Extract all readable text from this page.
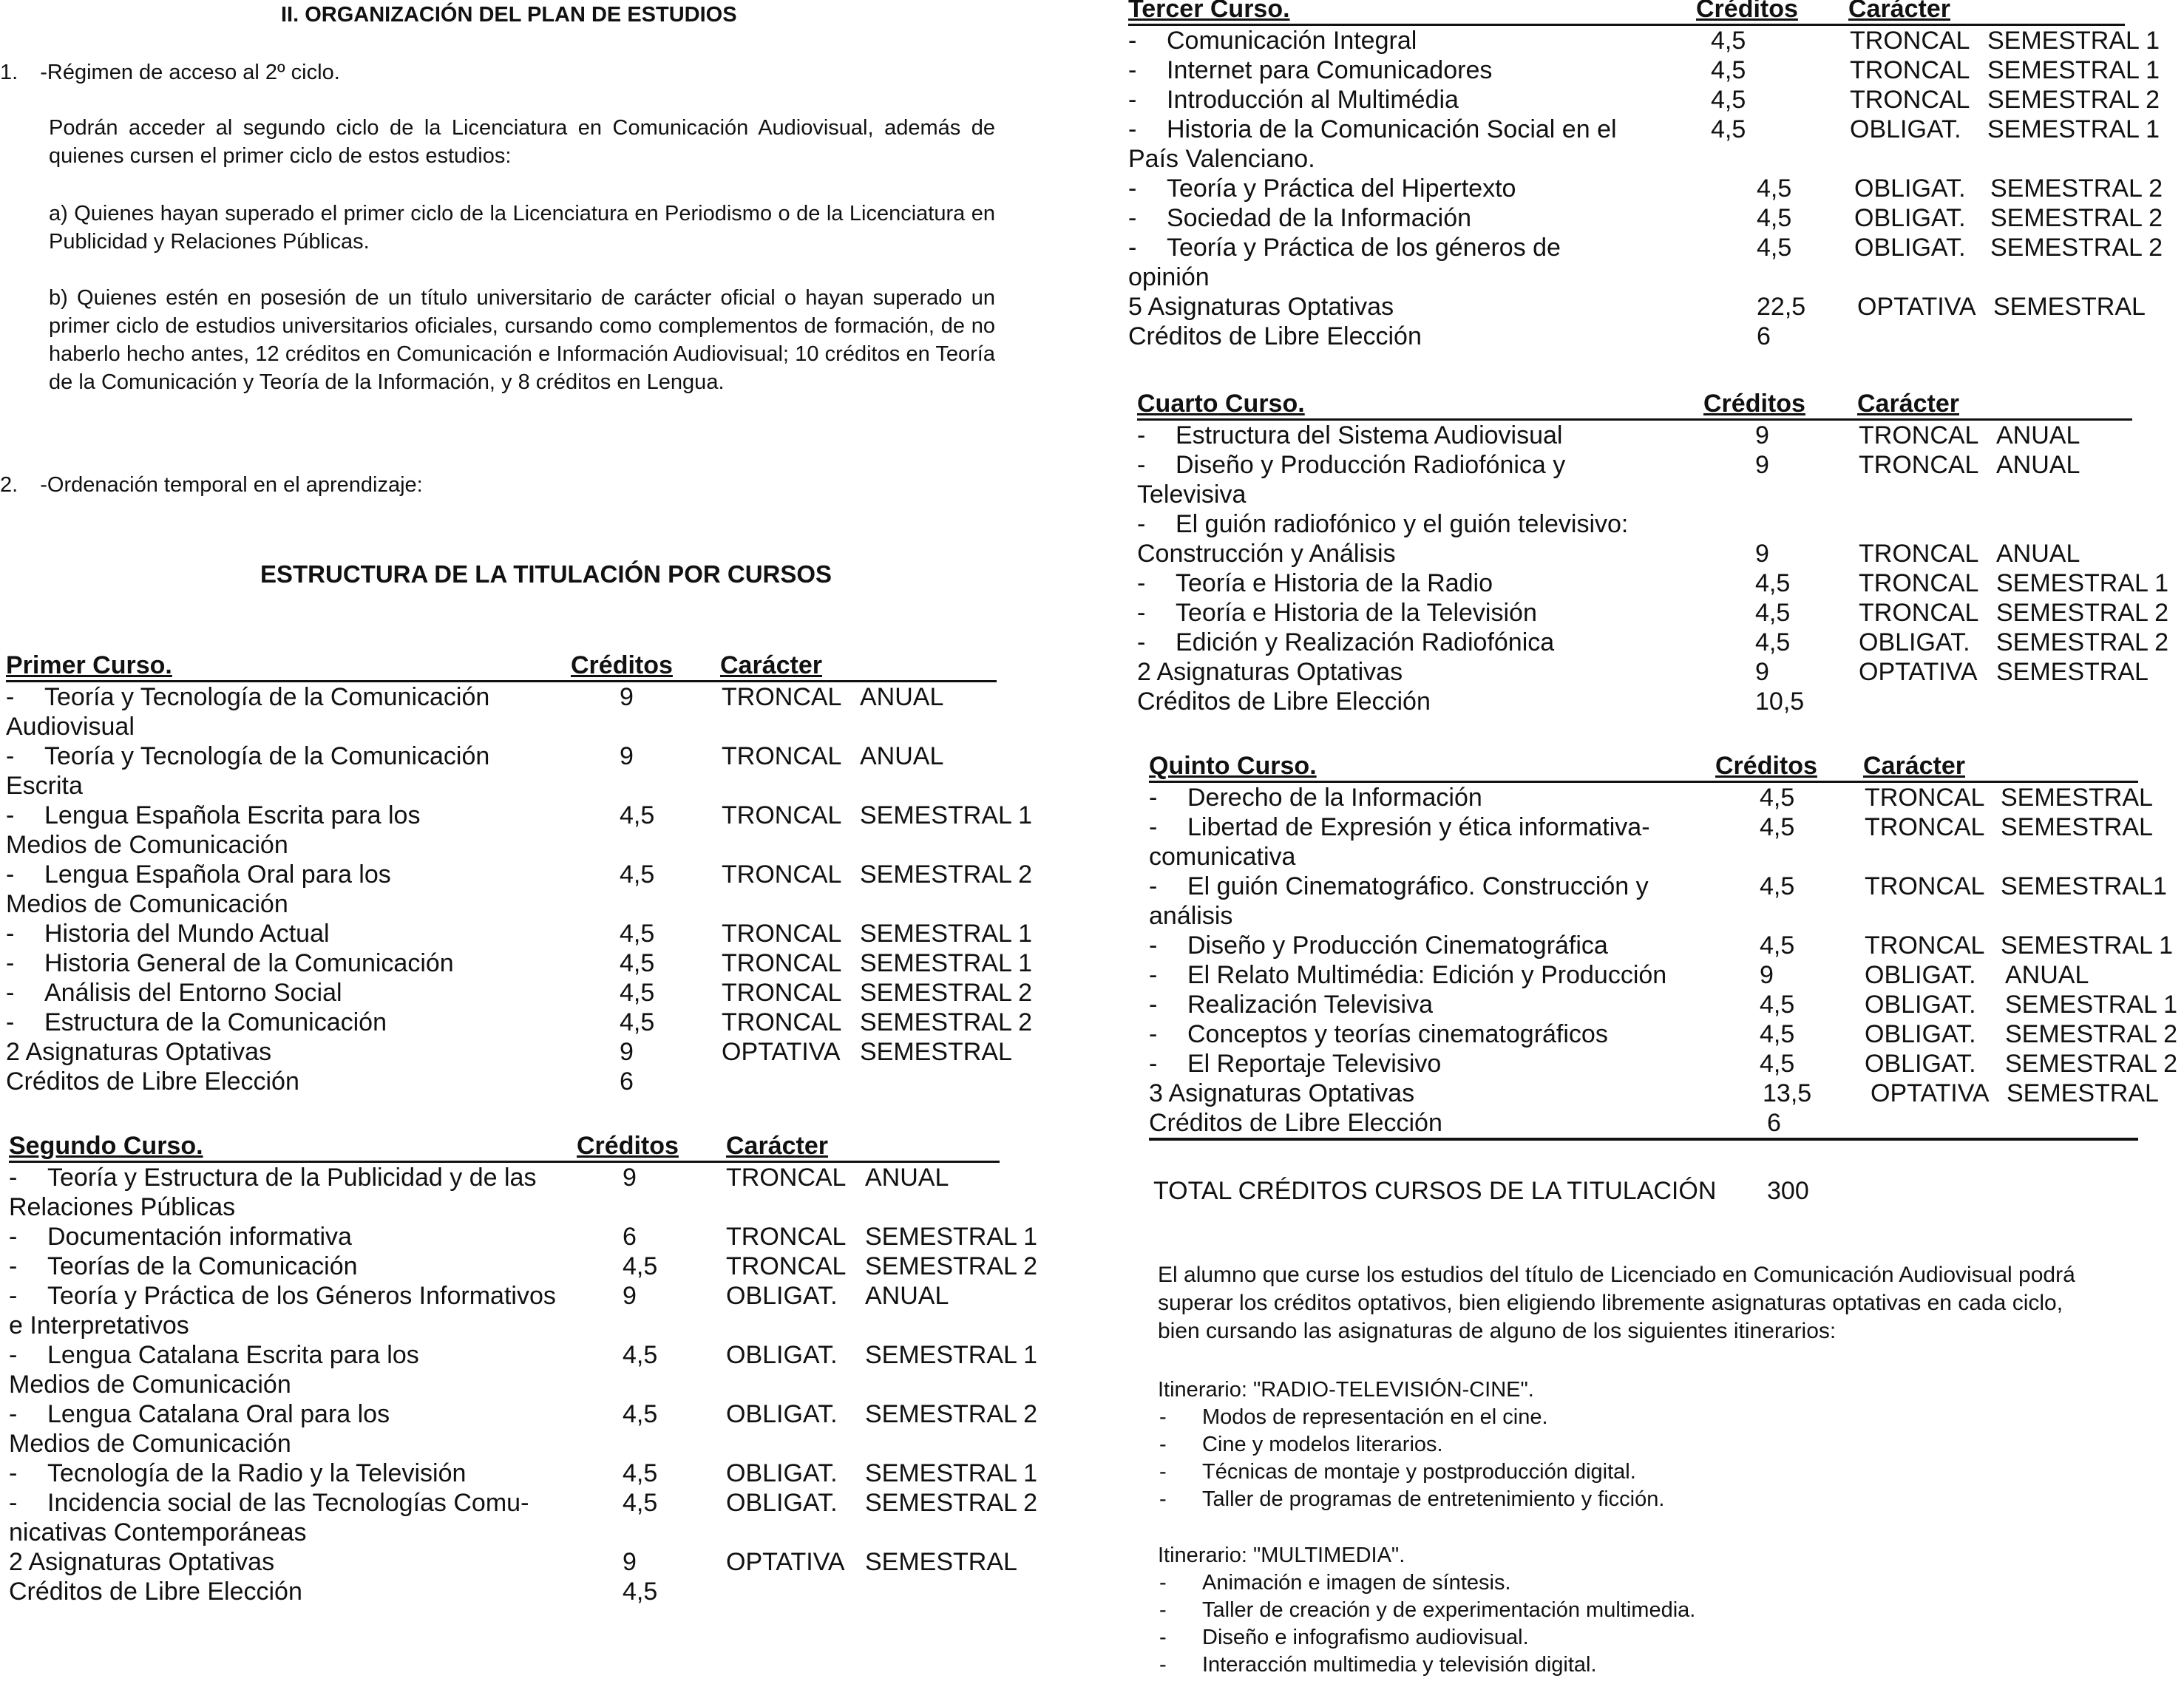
II. ORGANIZACIÓN DEL PLAN DE ESTUDIOS
1. -Régimen de acceso al 2º ciclo.

Podrán acceder al segundo ciclo de la Licenciatura en Comunicación Audiovisual, además de quienes cursen el primer ciclo de estos estudios:

a) Quienes hayan superado el primer ciclo de la Licenciatura en Periodismo o de la Licenciatura en Publicidad y Relaciones Públicas.

b) Quienes estén en posesión de un título universitario de carácter oficial o hayan superado un primer ciclo de estudios universitarios oficiales, cursando como complementos de formación, de no haberlo hecho antes, 12 créditos en Comunicación e Información Audiovisual; 10 créditos en Teoría de la Comunicación y Teoría de la Información, y 8 créditos en Lengua.

2. -Ordenación temporal en el aprendizaje:
ESTRUCTURA DE LA TITULACIÓN POR CURSOS
Primer Curso.	Créditos Carácter
- Teoría y Tecnología de la Comunicación
Audiovisual
9	TRONCAL ANUAL
- Teoría y Tecnología de la Comunicación
Escrita
9	TRONCAL ANUAL
- Lengua Española Escrita para los
Medios de Comunicación
4,5	TRONCAL SEMESTRAL 1
- Lengua Española Oral para los
Medios de Comunicación
4,5	TRONCAL SEMESTRAL 2
- Historia del Mundo Actual	4,5	TRONCAL SEMESTRAL 1
- Historia General de la Comunicación	4,5	TRONCAL SEMESTRAL 1
- Análisis del Entorno Social	4,5	TRONCAL SEMESTRAL 2
- Estructura de la Comunicación	4,5	TRONCAL SEMESTRAL 2
2 Asignaturas Optativas	9	OPTATIVA SEMESTRAL
Créditos de Libre Elección	6
Segundo Curso.	Créditos Carácter
- Teoría y Estructura de la Publicidad y de las
Relaciones Públicas
9	TRONCAL ANUAL
- Documentación informativa	6	TRONCAL SEMESTRAL 1
- Teorías de la Comunicación	4,5	TRONCAL SEMESTRAL 2
- Teoría y Práctica de los Géneros Informativos
e Interpretativos
9	OBLIGAT. ANUAL
- Lengua Catalana Escrita para los
Medios de Comunicación
4,5	OBLIGAT. SEMESTRAL 1
- Lengua Catalana Oral para los
Medios de Comunicación
4,5	OBLIGAT. SEMESTRAL 2
- Tecnología de la Radio y la Televisión	4,5	OBLIGAT. SEMESTRAL 1
- Incidencia social de las Tecnologías Comu-
nicativas Contemporáneas
4,5	OBLIGAT. SEMESTRAL 2
2 Asignaturas Optativas	9	OPTATIVA SEMESTRAL
Créditos de Libre Elección	4,5
Tercer Curso.	Créditos Carácter
- Comunicación Integral	4,5	TRONCAL SEMESTRAL 1
- Internet para Comunicadores	4,5	TRONCAL SEMESTRAL 1
- Introducción al Multimédia	4,5	TRONCAL SEMESTRAL 2
- Historia de la Comunicación Social en el
País Valenciano.
4,5	OBLIGAT. SEMESTRAL 1
- Teoría y Práctica del Hipertexto	4,5 OBLIGAT. SEMESTRAL 2
- Sociedad de la Información	4,5 OBLIGAT. SEMESTRAL 2
- Teoría y Práctica de los géneros de
opinión
4,5 OBLIGAT. SEMESTRAL 2
5 Asignaturas Optativas	22,5 OPTATIVA SEMESTRAL
Créditos de Libre Elección	6
Cuarto Curso.	Créditos Carácter
- Estructura del Sistema Audiovisual	9	TRONCAL ANUAL
- Diseño y Producción Radiofónica y
Televisiva
9	TRONCAL ANUAL
- El guión radiofónico y el guión televisivo:
Construcción y Análisis	9	TRONCAL ANUAL
- Teoría e Historia de la Radio	4,5	TRONCAL SEMESTRAL 1
- Teoría e Historia de la Televisión	4,5	TRONCAL SEMESTRAL 2
- Edición y Realización Radiofónica	4,5	OBLIGAT. SEMESTRAL 2
2 Asignaturas Optativas	9	OPTATIVA SEMESTRAL
Créditos de Libre Elección	10,5
Quinto Curso.	Créditos Carácter
- Derecho de la Información	4,5	TRONCAL SEMESTRAL
- Libertad de Expresión y ética informativa-
comunicativa
4,5	TRONCAL SEMESTRAL
- El guión Cinematográfico. Construcción y
análisis
4,5	TRONCAL SEMESTRAL1
- Diseño y Producción Cinematográfica	4,5	TRONCAL SEMESTRAL 1
- El Relato Multimédia: Edición y Producción	9	OBLIGAT. ANUAL
- Realización Televisiva	4,5	OBLIGAT. SEMESTRAL 1
- Conceptos y teorías cinematográficos	4,5	OBLIGAT. SEMESTRAL 2
- El Reportaje Televisivo	4,5	OBLIGAT. SEMESTRAL 2
3 Asignaturas Optativas	13,5 OPTATIVA SEMESTRAL
Créditos de Libre Elección	6
TOTAL CRÉDITOS CURSOS DE LA TITULACIÓN 300

El alumno que curse los estudios del título de Licenciado en Comunicación Audiovisual podrá
superar los créditos optativos, bien eligiendo libremente asignaturas optativas en cada ciclo,
bien cursando las asignaturas de alguno de los siguientes itinerarios:

Itinerario: "RADIO-TELEVISIÓN-CINE".
- Modos de representación en el cine.
- Cine y modelos literarios.
- Técnicas de montaje y postproducción digital.
- Taller de programas de entretenimiento y ficción.
Itinerario: "MULTIMEDIA".
- Animación e imagen de síntesis.
- Taller de creación y de experimentación multimedia.
- Diseño e infografismo audiovisual.
- Interacción multimedia y televisión digital.
